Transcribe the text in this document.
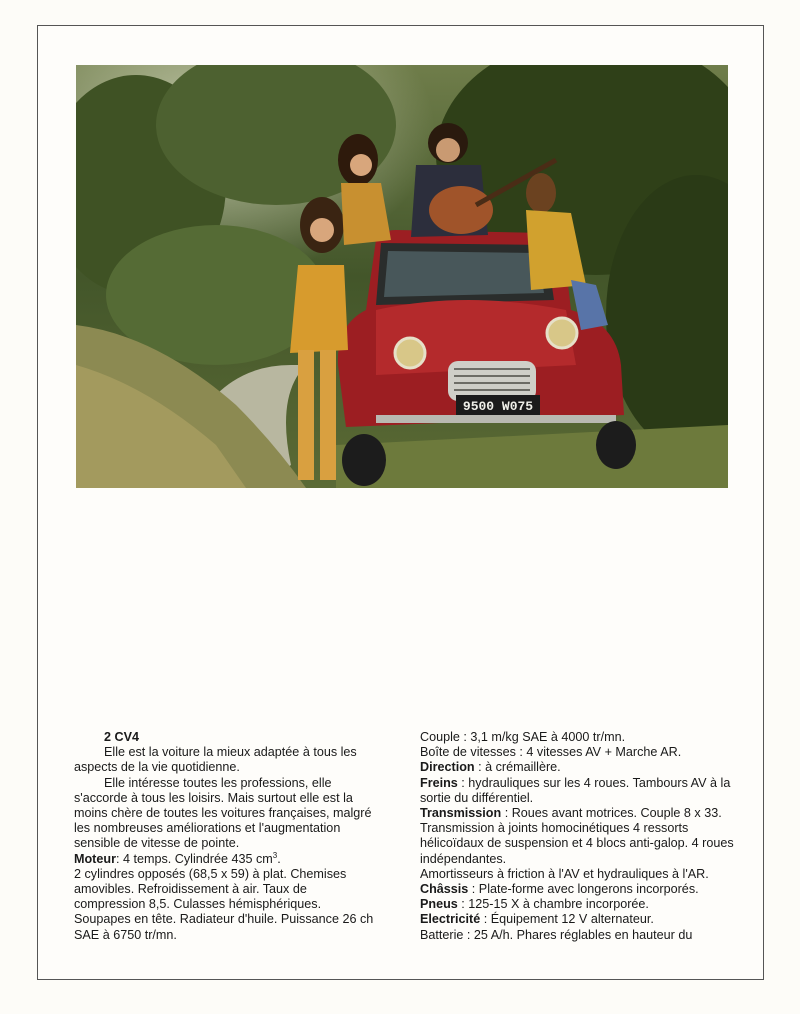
9500 W075

2 CV4

Elle est la voiture la mieux adaptée à tous les aspects de la vie quotidienne.

Elle intéresse toutes les professions, elle s'accorde à tous les loisirs. Mais surtout elle est la moins chère de toutes les voitures françaises, malgré les nombreuses améliorations et l'augmentation sensible de vitesse de pointe.

Moteur: 4 temps. Cylindrée 435 $cm^3$.

2 cylindres opposés (68,5 x 59) à plat. Chemises amovibles. Refroidissement à air. Taux de compression 8,5. Culasses hémisphériques. Soupapes en tête. Radiateur d'huile. Puissance 26 ch SAE à 6750 tr/mn.

Couple : 3,1 m/kg SAE à 4000 tr/mn.

Boîte de vitesses : 4 vitesses AV + Marche AR.

Direction : à crémaillère.

Freins : hydrauliques sur les 4 roues. Tambours AV à la sortie du différentiel.

Transmission : Roues avant motrices. Couple 8 x 33. Transmission à joints homocinétiques 4 ressorts hélicoïdaux de suspension et 4 blocs anti-galop. 4 roues indépendantes.

Amortisseurs à friction à l'AV et hydrauliques à l'AR.

Châssis : Plate-forme avec longerons incorporés.

Pneus : 125-15 X à chambre incorporée.

Electricité : Équipement 12 V alternateur.

Batterie : 25 A/h. Phares réglables en hauteur du
